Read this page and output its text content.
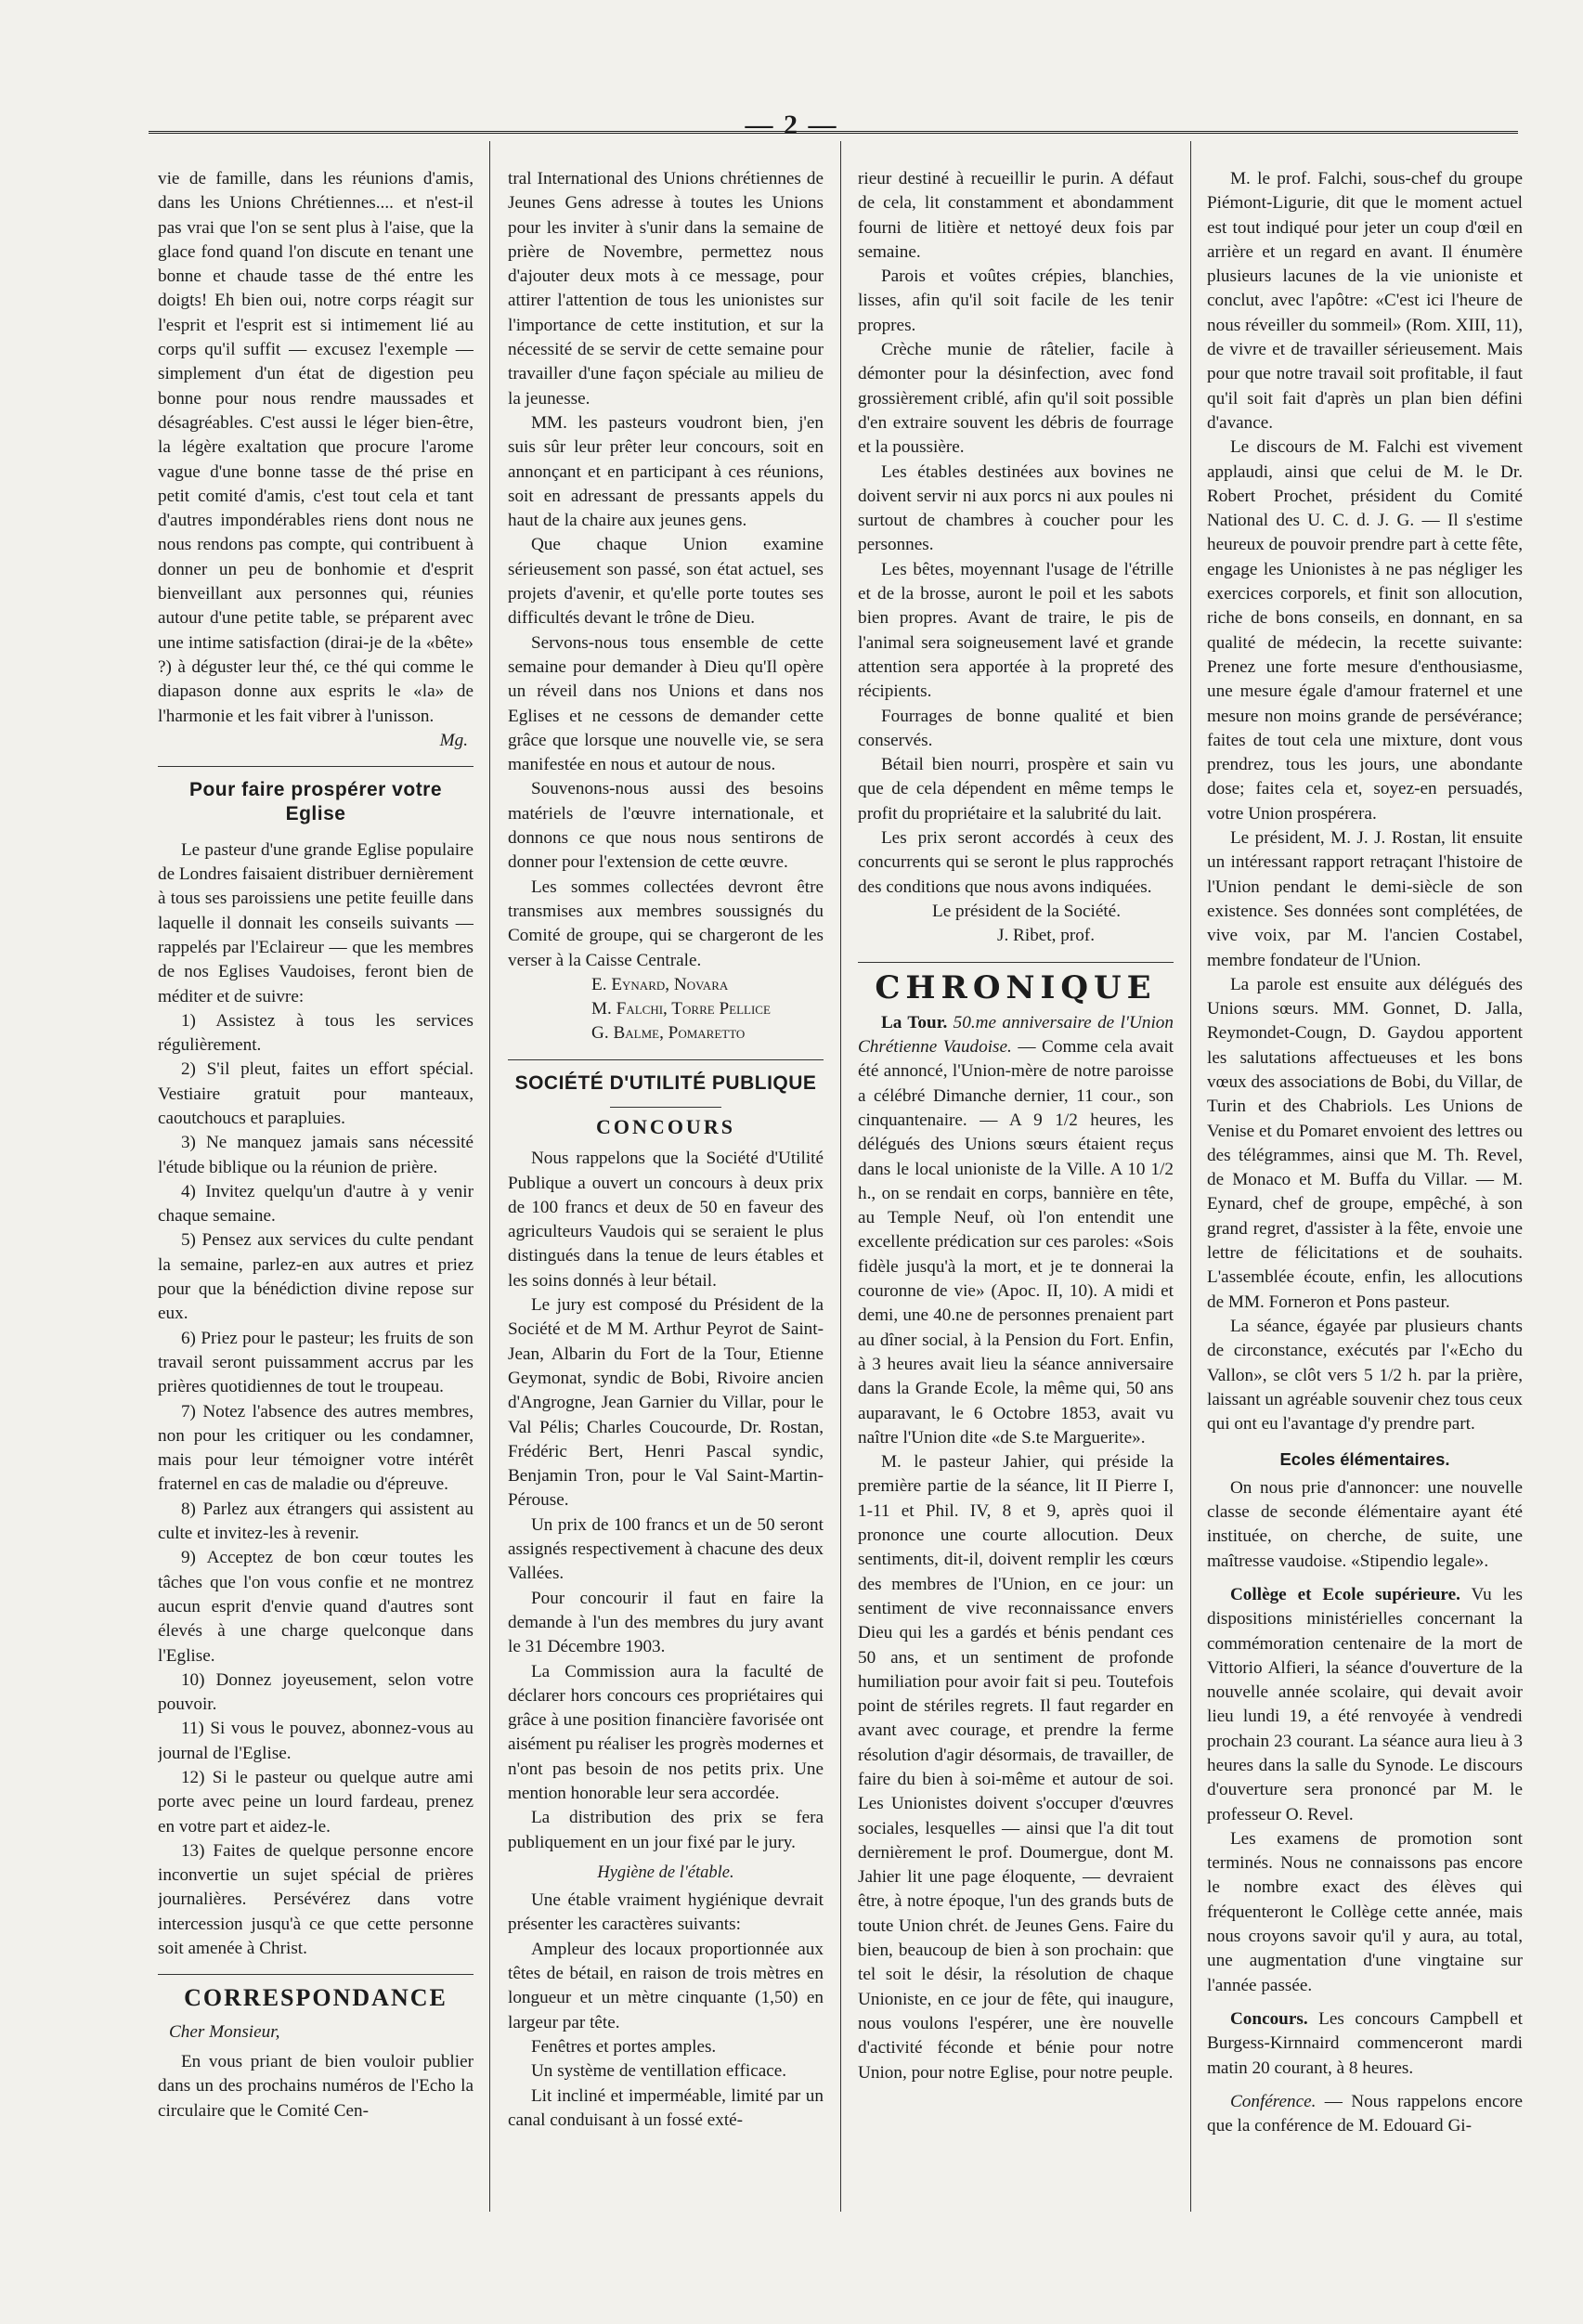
— 2 —

vie de famille, dans les réunions d'amis, dans les Unions Chrétiennes.... et n'est-il pas vrai que l'on se sent plus à l'aise, que la glace fond quand l'on discute en tenant une bonne et chaude tasse de thé entre les doigts! Eh bien oui, notre corps réagit sur l'esprit et l'esprit est si intimement lié au corps qu'il suffit — excusez l'exemple — simplement d'un état de digestion peu bonne pour nous rendre maussades et désagréables. C'est aussi le léger bien-être, la légère exaltation que procure l'arome vague d'une bonne tasse de thé prise en petit comité d'amis, c'est tout cela et tant d'autres impondérables riens dont nous ne nous rendons pas compte, qui contribuent à donner un peu de bonhomie et d'esprit bienveillant aux personnes qui, réunies autour d'une petite table, se préparent avec une intime satisfaction (dirai-je de la «bête» ?) à déguster leur thé, ce thé qui comme le diapason donne aux esprits le «la» de l'harmonie et les fait vibrer à l'unisson.

Mg.

Pour faire prospérer votre Eglise

Le pasteur d'une grande Eglise populaire de Londres faisaient distribuer dernièrement à tous ses paroissiens une petite feuille dans laquelle il donnait les conseils suivants — rappelés par l'Eclaireur — que les membres de nos Eglises Vaudoises, feront bien de méditer et de suivre:

1) Assistez à tous les services régulièrement.

2) S'il pleut, faites un effort spécial. Vestiaire gratuit pour manteaux, caoutchoucs et parapluies.

3) Ne manquez jamais sans nécessité l'étude biblique ou la réunion de prière.

4) Invitez quelqu'un d'autre à y venir chaque semaine.

5) Pensez aux services du culte pendant la semaine, parlez-en aux autres et priez pour que la bénédiction divine repose sur eux.

6) Priez pour le pasteur; les fruits de son travail seront puissamment accrus par les prières quotidiennes de tout le troupeau.

7) Notez l'absence des autres membres, non pour les critiquer ou les condamner, mais pour leur témoigner votre intérêt fraternel en cas de maladie ou d'épreuve.

8) Parlez aux étrangers qui assistent au culte et invitez-les à revenir.

9) Acceptez de bon cœur toutes les tâches que l'on vous confie et ne montrez aucun esprit d'envie quand d'autres sont élevés à une charge quelconque dans l'Eglise.

10) Donnez joyeusement, selon votre pouvoir.

11) Si vous le pouvez, abonnez-vous au journal de l'Eglise.

12) Si le pasteur ou quelque autre ami porte avec peine un lourd fardeau, prenez en votre part et aidez-le.

13) Faites de quelque personne encore inconvertie un sujet spécial de prières journalières. Persévérez dans votre intercession jusqu'à ce que cette personne soit amenée à Christ.

CORRESPONDANCE

Cher Monsieur,

En vous priant de bien vouloir publier dans un des prochains numéros de l'Echo la circulaire que le Comité Cen-

tral International des Unions chrétiennes de Jeunes Gens adresse à toutes les Unions pour les inviter à s'unir dans la semaine de prière de Novembre, permettez nous d'ajouter deux mots à ce message, pour attirer l'attention de tous les unionistes sur l'importance de cette institution, et sur la nécessité de se servir de cette semaine pour travailler d'une façon spéciale au milieu de la jeunesse.

MM. les pasteurs voudront bien, j'en suis sûr leur prêter leur concours, soit en annonçant et en participant à ces réunions, soit en adressant de pressants appels du haut de la chaire aux jeunes gens.

Que chaque Union examine sérieusement son passé, son état actuel, ses projets d'avenir, et qu'elle porte toutes ses difficultés devant le trône de Dieu.

Servons-nous tous ensemble de cette semaine pour demander à Dieu qu'Il opère un réveil dans nos Unions et dans nos Eglises et ne cessons de demander cette grâce que lorsque une nouvelle vie, se sera manifestée en nous et autour de nous.

Souvenons-nous aussi des besoins matériels de l'œuvre internationale, et donnons ce que nous nous sentirons de donner pour l'extension de cette œuvre.

Les sommes collectées devront être transmises aux membres soussignés du Comité de groupe, qui se chargeront de les verser à la Caisse Centrale.

E. Eynard, Novara

M. Falchi, Torre Pellice

G. Balme, Pomaretto

SOCIÉTÉ D'UTILITÉ PUBLIQUE
CONCOURS

Nous rappelons que la Société d'Utilité Publique a ouvert un concours à deux prix de 100 francs et deux de 50 en faveur des agriculteurs Vaudois qui se seraient le plus distingués dans la tenue de leurs étables et les soins donnés à leur bétail.

Le jury est composé du Président de la Société et de M M. Arthur Peyrot de Saint-Jean, Albarin du Fort de la Tour, Etienne Geymonat, syndic de Bobi, Rivoire ancien d'Angrogne, Jean Garnier du Villar, pour le Val Pélis; Charles Coucourde, Dr. Rostan, Frédéric Bert, Henri Pascal syndic, Benjamin Tron, pour le Val Saint-Martin-Pérouse.

Un prix de 100 francs et un de 50 seront assignés respectivement à chacune des deux Vallées.

Pour concourir il faut en faire la demande à l'un des membres du jury avant le 31 Décembre 1903.

La Commission aura la faculté de déclarer hors concours ces propriétaires qui grâce à une position financière favorisée ont aisément pu réaliser les progrès modernes et n'ont pas besoin de nos petits prix. Une mention honorable leur sera accordée.

La distribution des prix se fera publiquement en un jour fixé par le jury.

Hygiène de l'étable.

Une étable vraiment hygiénique devrait présenter les caractères suivants:

Ampleur des locaux proportionnée aux têtes de bétail, en raison de trois mètres en longueur et un mètre cinquante (1,50) en largeur par tête.

Fenêtres et portes amples.

Un système de ventillation efficace.

Lit incliné et imperméable, limité par un canal conduisant à un fossé exté-

rieur destiné à recueillir le purin. A défaut de cela, lit constamment et abondamment fourni de litière et nettoyé deux fois par semaine.

Parois et voûtes crépies, blanchies, lisses, afin qu'il soit facile de les tenir propres.

Crèche munie de râtelier, facile à démonter pour la désinfection, avec fond grossièrement criblé, afin qu'il soit possible d'en extraire souvent les débris de fourrage et la poussière.

Les étables destinées aux bovines ne doivent servir ni aux porcs ni aux poules ni surtout de chambres à coucher pour les personnes.

Les bêtes, moyennant l'usage de l'étrille et de la brosse, auront le poil et les sabots bien propres. Avant de traire, le pis de l'animal sera soigneusement lavé et grande attention sera apportée à la propreté des récipients.

Fourrages de bonne qualité et bien conservés.

Bétail bien nourri, prospère et sain vu que de cela dépendent en même temps le profit du propriétaire et la salubrité du lait.

Les prix seront accordés à ceux des concurrents qui se seront le plus rapprochés des conditions que nous avons indiquées.

Le président de la Société.

J. Ribet, prof.

CHRONIQUE

La Tour. 50.me anniversaire de l'Union Chrétienne Vaudoise. — Comme cela avait été annoncé, l'Union-mère de notre paroisse a célébré Dimanche dernier, 11 cour., son cinquantenaire. — A 9 1/2 heures, les délégués des Unions sœurs étaient reçus dans le local unioniste de la Ville. A 10 1/2 h., on se rendait en corps, bannière en tête, au Temple Neuf, où l'on entendit une excellente prédication sur ces paroles: «Sois fidèle jusqu'à la mort, et je te donnerai la couronne de vie» (Apoc. II, 10). A midi et demi, une 40.ne de personnes prenaient part au dîner social, à la Pension du Fort. Enfin, à 3 heures avait lieu la séance anniversaire dans la Grande Ecole, la même qui, 50 ans auparavant, le 6 Octobre 1853, avait vu naître l'Union dite «de S.te Marguerite».

M. le pasteur Jahier, qui préside la première partie de la séance, lit II Pierre I, 1-11 et Phil. IV, 8 et 9, après quoi il prononce une courte allocution. Deux sentiments, dit-il, doivent remplir les cœurs des membres de l'Union, en ce jour: un sentiment de vive reconnaissance envers Dieu qui les a gardés et bénis pendant ces 50 ans, et un sentiment de profonde humiliation pour avoir fait si peu. Toutefois point de stériles regrets. Il faut regarder en avant avec courage, et prendre la ferme résolution d'agir désormais, de travailler, de faire du bien à soi-même et autour de soi. Les Unionistes doivent s'occuper d'œuvres sociales, lesquelles — ainsi que l'a dit tout dernièrement le prof. Doumergue, dont M. Jahier lit une page éloquente, — devraient être, à notre époque, l'un des grands buts de toute Union chrét. de Jeunes Gens. Faire du bien, beaucoup de bien à son prochain: que tel soit le désir, la résolution de chaque Unioniste, en ce jour de fête, qui inaugure, nous voulons l'espérer, une ère nouvelle d'activité féconde et bénie pour notre Union, pour notre Eglise, pour notre peuple.

M. le prof. Falchi, sous-chef du groupe Piémont-Ligurie, dit que le moment actuel est tout indiqué pour jeter un coup d'œil en arrière et un regard en avant. Il énumère plusieurs lacunes de la vie unioniste et conclut, avec l'apôtre: «C'est ici l'heure de nous réveiller du sommeil» (Rom. XIII, 11), de vivre et de travailler sérieusement. Mais pour que notre travail soit profitable, il faut qu'il soit fait d'après un plan bien défini d'avance.

Le discours de M. Falchi est vivement applaudi, ainsi que celui de M. le Dr. Robert Prochet, président du Comité National des U. C. d. J. G. — Il s'estime heureux de pouvoir prendre part à cette fête, engage les Unionistes à ne pas négliger les exercices corporels, et finit son allocution, riche de bons conseils, en donnant, en sa qualité de médecin, la recette suivante: Prenez une forte mesure d'enthousiasme, une mesure égale d'amour fraternel et une mesure non moins grande de persévérance; faites de tout cela une mixture, dont vous prendrez, tous les jours, une abondante dose; faites cela et, soyez-en persuadés, votre Union prospérera.

Le président, M. J. J. Rostan, lit ensuite un intéressant rapport retraçant l'histoire de l'Union pendant le demi-siècle de son existence. Ses données sont complétées, de vive voix, par M. l'ancien Costabel, membre fondateur de l'Union.

La parole est ensuite aux délégués des Unions sœurs. MM. Gonnet, D. Jalla, Reymondet-Cougn, D. Gaydou apportent les salutations affectueuses et les bons vœux des associations de Bobi, du Villar, de Turin et des Chabriols. Les Unions de Venise et du Pomaret envoient des lettres ou des télégrammes, ainsi que M. Th. Revel, de Monaco et M. Buffa du Villar. — M. Eynard, chef de groupe, empêché, à son grand regret, d'assister à la fête, envoie une lettre de félicitations et de souhaits. L'assemblée écoute, enfin, les allocutions de MM. Forneron et Pons pasteur.

La séance, égayée par plusieurs chants de circonstance, exécutés par l'«Echo du Vallon», se clôt vers 5 1/2 h. par la prière, laissant un agréable souvenir chez tous ceux qui ont eu l'avantage d'y prendre part.

Ecoles élémentaires.

On nous prie d'annoncer: une nouvelle classe de seconde élémentaire ayant été instituée, on cherche, de suite, une maîtresse vaudoise. «Stipendio legale».

Collège et Ecole supérieure. Vu les dispositions ministérielles concernant la commémoration centenaire de la mort de Vittorio Alfieri, la séance d'ouverture de la nouvelle année scolaire, qui devait avoir lieu lundi 19, a été renvoyée à vendredi prochain 23 courant. La séance aura lieu à 3 heures dans la salle du Synode. Le discours d'ouverture sera prononcé par M. le professeur O. Revel.

Les examens de promotion sont terminés. Nous ne connaissons pas encore le nombre exact des élèves qui fréquenteront le Collège cette année, mais nous croyons savoir qu'il y aura, au total, une augmentation d'une vingtaine sur l'année passée.

Concours. Les concours Campbell et Burgess-Kirnnaird commenceront mardi matin 20 courant, à 8 heures.

Conférence. — Nous rappelons encore que la conférence de M. Edouard Gi-
